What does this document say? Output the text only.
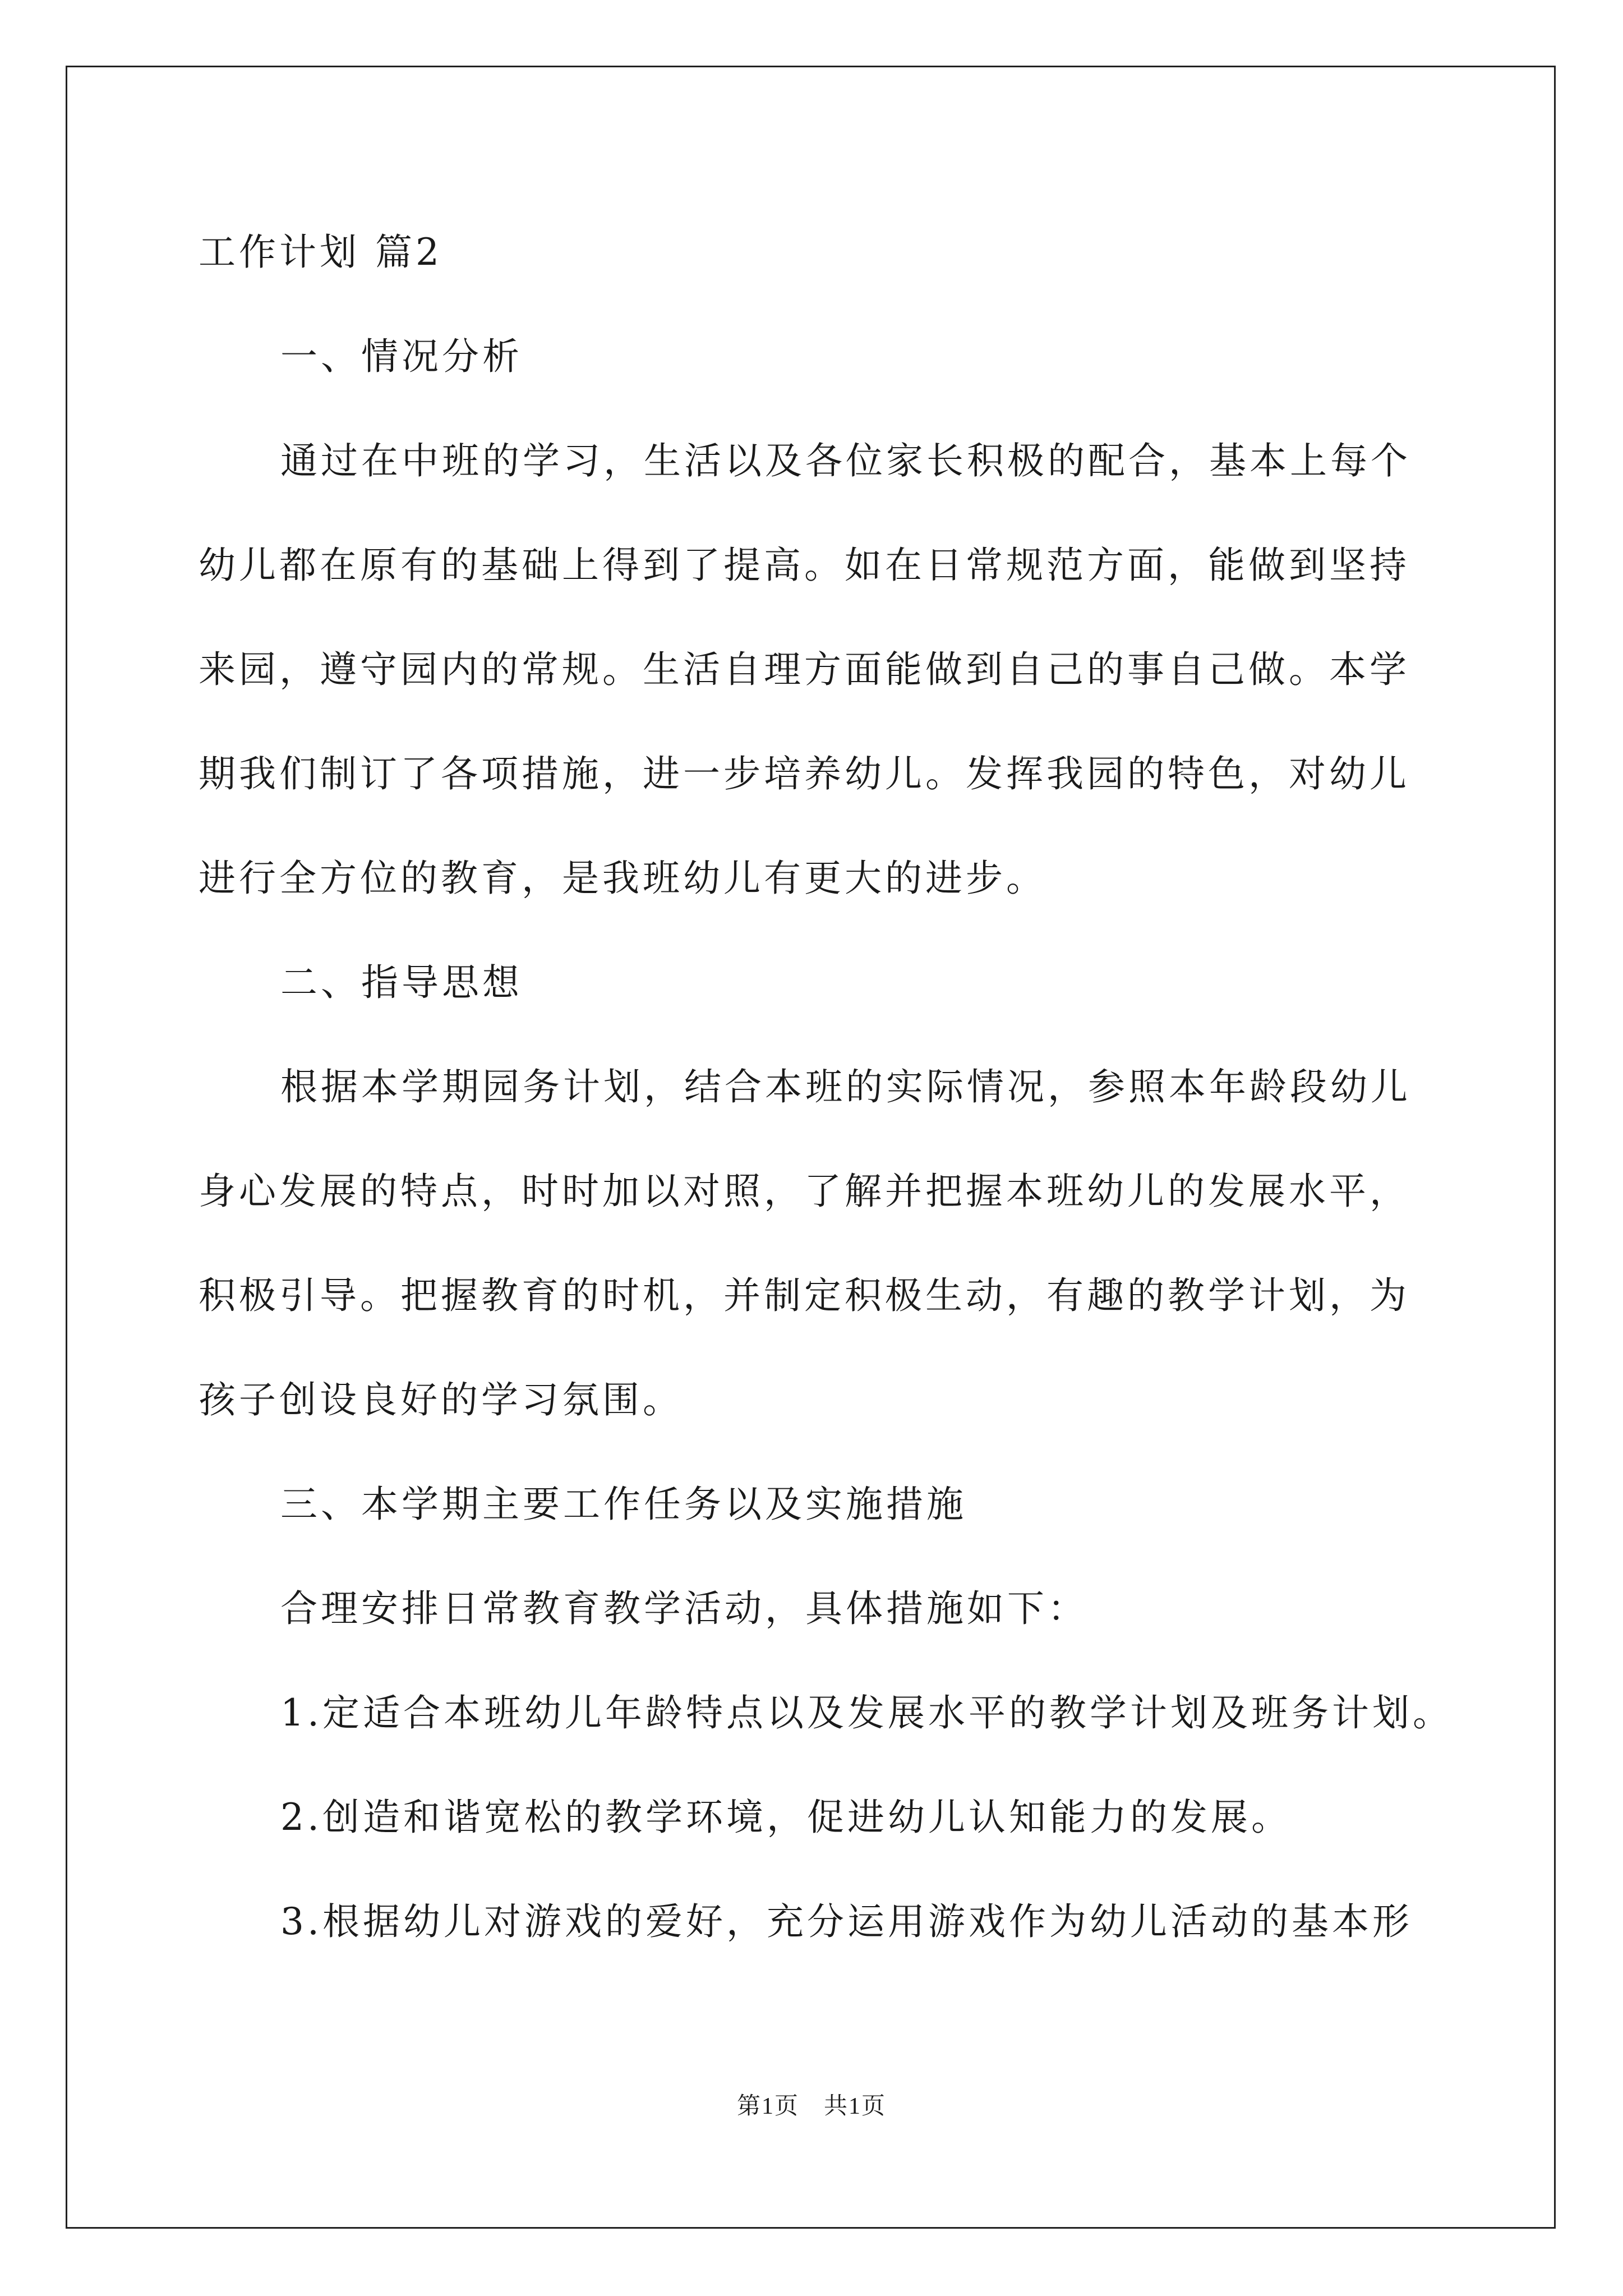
工作计划 篇2
一、情况分析
通过在中班的学习，生活以及各位家长积极的配合，基本上每个
幼儿都在原有的基础上得到了提高。如在日常规范方面，能做到坚持
来园，遵守园内的常规。生活自理方面能做到自己的事自己做。本学
期我们制订了各项措施，进一步培养幼儿。发挥我园的特色，对幼儿
进行全方位的教育，是我班幼儿有更大的进步。
二、指导思想
根据本学期园务计划，结合本班的实际情况，参照本年龄段幼儿
身心发展的特点，时时加以对照，了解并把握本班幼儿的发展水平，
积极引导。把握教育的时机，并制定积极生动，有趣的教学计划，为
孩子创设良好的学习氛围。
三、本学期主要工作任务以及实施措施
合理安排日常教育教学活动，具体措施如下：
1.定适合本班幼儿年龄特点以及发展水平的教学计划及班务计划。
2.创造和谐宽松的教学环境，促进幼儿认知能力的发展。
3.根据幼儿对游戏的爱好，充分运用游戏作为幼儿活动的基本形
第1页　共1页
